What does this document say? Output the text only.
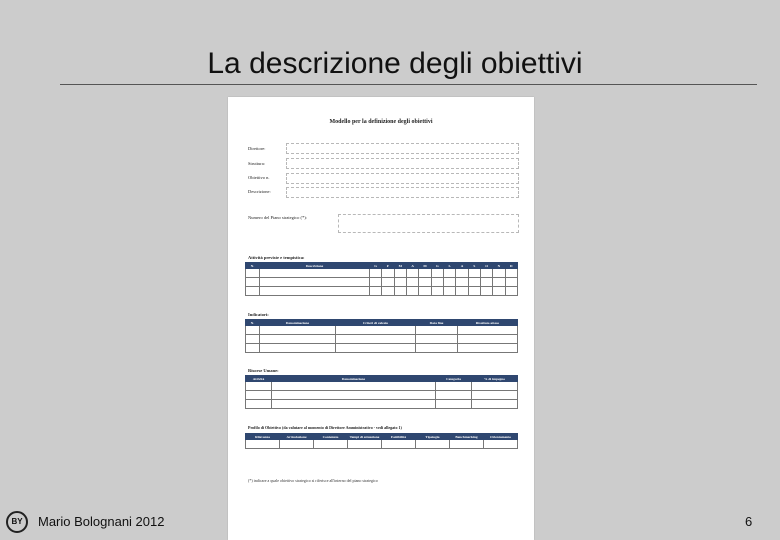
La descrizione degli obiettivi
Modello per la definizione degli obiettivi
Direttore:
Struttura:
Obiettivo n.
Descrizione:
Numero del Piano strategico (*):
Attività previste e tempistica:
N.	Descrizione	G	F	M	A	M	G	L	A	S	O	N	D

Indicatori:
N.	Denominazione	Criteri di calcolo	Data fine	Risultato atteso

Risorse Umane:
Attività	Denominazione	Categoria	% di impegno

Profilo di Obiettivo (da valutare al momento di Direttore Amministrativo - vedi allegato 1)
Rilevanza	Articolazione	Contenuto	Tempi di attuazione	Fattibilità	Tipologia	Benchmarking	Orientamento

(*) indicare a quale obiettivo strategico si riferisce all'interno del piano strategico
BY	Mario Bolognani 2012	6
